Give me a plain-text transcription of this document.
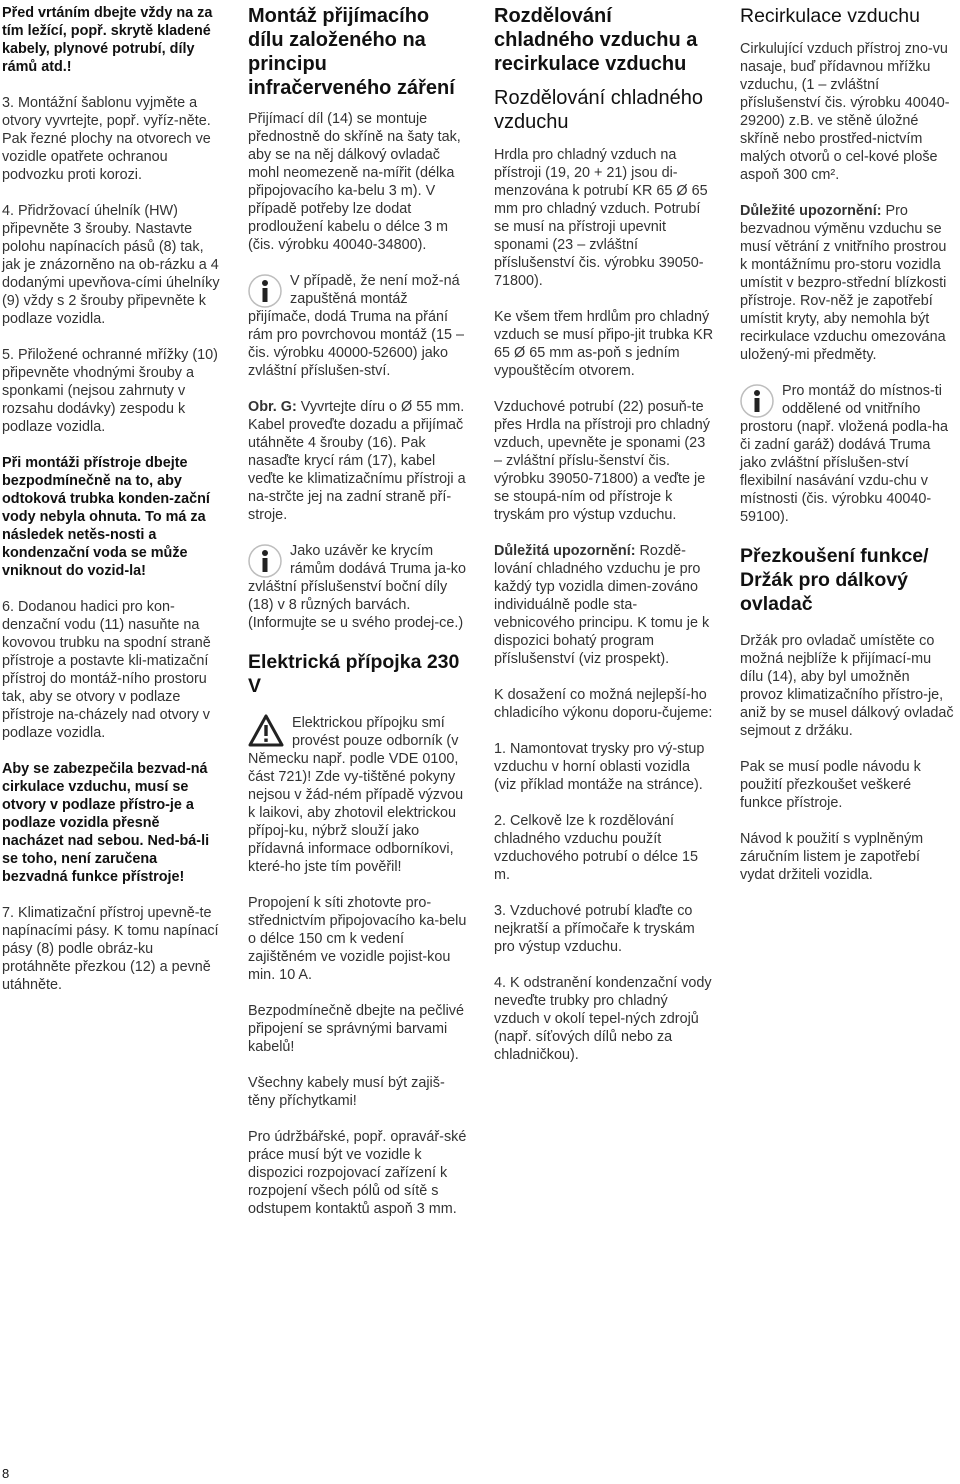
Před vrtáním dbejte vždy na za tím ležící, popř. skrytě kladené kabely, plynové potrubí, díly rámů atd.!

3. Montážní šablonu vyjměte a otvory vyvrtejte, popř. vyříz-něte. Pak řezné plochy na otvorech ve vozidle opatřete ochranou podvozku proti korozi.

4. Přidržovací úhelník (HW) připevněte 3 šrouby. Nastavte polohu napínacích pásů (8) tak, jak je znázorněno na ob-rázku a 4 dodanými upevňova-cími úhelníky (9) vždy s 2 šrouby připevněte k podlaze vozidla.

5. Přiložené ochranné mřížky (10) připevněte vhodnými šrouby a sponkami (nejsou zahrnuty v rozsahu dodávky) zespodu k podlaze vozidla.

Při montáži přístroje dbejte bezpodmínečně na to, aby odtoková trubka konden-zační vody nebyla ohnuta. To má za následek netěs-nosti a kondenzační voda se může vniknout do vozid-la!

6. Dodanou hadici pro kon-denzační vodu (11) nasuňte na kovovou trubku na spodní straně přístroje a postavte kli-matizační přístroj do montáž-ního prostoru tak, aby se otvory v podlaze přístroje na-cházely nad otvory v podlaze vozidla.

Aby se zabezpečila bezvad-ná cirkulace vzduchu, musí se otvory v podlaze přístro-je a podlaze vozidla přesně nacházet nad sebou. Ned-bá-li se toho, není zaručena bezvadná funkce přístroje!

7. Klimatizační přístroj upevně-te napínacími pásy. K tomu napínací pásy (8) podle obráz-ku protáhněte přezkou (12) a pevně utáhněte.

Montáž přijímacího dílu založeného na principu infračerveného záření

Přijímací díl (14) se montuje přednostně do skříně na šaty tak, aby se na něj dálkový ovladač mohl neomezeně na-mířit (délka připojovacího ka-belu 3 m). V případě potřeby lze dodat prodloužení kabelu o délce 3 m (čis. výrobku 40040-34800).

V případě, že není mož-ná zapuštěná montáž přijímače, dodá Truma na přání rám pro povrchovou montáž (15 – čis. výrobku 40000-52600) jako zvláštní příslušen-ství.

Obr. G: Vyvrtejte díru o Ø 55 mm. Kabel proveďte dozadu a přijímač utáhněte 4 šrouby (16). Pak nasaďte krycí rám (17), kabel veďte ke klimatizačnímu přístroji a na-strčte jej na zadní straně pří-stroje.

Jako uzávěr ke krycím rámům dodává Truma ja-ko zvláštní příslušenství boční díly (18) v 8 různých barvách. (Informujte se u svého prodej-ce.)

Elektrická přípojka 230 V

Elektrickou přípojku smí provést pouze odborník (v Německu např. podle VDE 0100, část 721)! Zde vy-tištěné pokyny nejsou v žád-ném případě výzvou k laikovi, aby zhotovil elektrickou přípoj-ku, nýbrž slouží jako přídavná informace odborníkovi, které-ho jste tím pověřil!

Propojení k síti zhotovte pro-střednictvím připojovacího ka-belu o délce 150 cm k vedení zajištěném ve vozidle pojist-kou min. 10 A.

Bezpodmínečně dbejte na pečlivé připojení se správnými barvami kabelů!

Všechny kabely musí být zajiš-těny příchytkami!

Pro údržbářské, popř. opravář-ské práce musí být ve vozidle k dispozici rozpojovací zařízení k rozpojení všech pólů od sítě s odstupem kontaktů aspoň 3 mm.

Rozdělování chladného vzduchu a recirkulace vzduchu
Rozdělování chladného vzduchu

Hrdla pro chladný vzduch na přístroji (19, 20 + 21) jsou di-menzována k potrubí KR 65 Ø 65 mm pro chladný vzduch. Potrubí se musí na přístroji upevnit sponami (23 – zvláštní příslušenství čis. výrobku 39050-71800).

Ke všem třem hrdlům pro chladný vzduch se musí připo-jit trubka KR 65 Ø 65 mm as-poň s jedním vypouštěcím otvorem.

Vzduchové potrubí (22) posuň-te přes Hrdla na přístroji pro chladný vzduch, upevněte je sponami (23 – zvláštní příslu-šenství čis. výrobku 39050-71800) a veďte je se stoupá-ním od přístroje k tryskám pro výstup vzduchu.

Důležitá upozornění: Rozdě-lování chladného vzduchu je pro každý typ vozidla dimen-zováno individuálně podle sta-vebnicového principu. K tomu je k dispozici bohatý program příslušenství (viz prospekt).

K dosažení co možná nejlepší-ho chladicího výkonu doporu-čujeme:

1. Namontovat trysky pro vý-stup vzduchu v horní oblasti vozidla (viz příklad montáže na stránce).

2. Celkově lze k rozdělování chladného vzduchu použít vzduchového potrubí o délce 15 m.

3. Vzduchové potrubí klaďte co nejkratší a přímočaře k tryskám pro výstup vzduchu.

4. K odstranění kondenzační vody neveďte trubky pro chladný vzduch v okolí tepel-ných zdrojů (např. síťových dílů nebo za chladničkou).

Recirkulace vzduchu

Cirkulující vzduch přístroj zno-vu nasaje, buď přídavnou mřížku vzduchu, (1 – zvláštní příslušenství čis. výrobku 40040-29200) z.B. ve stěně úložné skříně nebo prostřed-nictvím malých otvorů o cel-kové ploše aspoň 300 cm².

Důležité upozornění: Pro bezvadnou výměnu vzduchu se musí větrání z vnitřního prostrou k montážnímu pro-storu vozidla umístit v bezpro-střední blízkosti přístroje. Rov-něž je zapotřebí umístit kryty, aby nemohla být recirkulace vzduchu omezována uložený-mi předměty.

Pro montáž do místnos-ti oddělené od vnitřního prostoru (např. vložená podla-ha či zadní garáž) dodává Truma jako zvláštní příslušen-ství flexibilní nasávání vzdu-chu v místnosti (čis. výrobku 40040-59100).

Přezkoušení funkce/ Držák pro dálkový ovladač

Držák pro ovladač umístěte co možná nejblíže k přijímací-mu dílu (14), aby byl umožněn provoz klimatizačního přístro-je, aniž by se musel dálkový ovladač sejmout z držáku.

Pak se musí podle návodu k použití přezkoušet veškeré funkce přístroje.

Návod k použití s vyplněným záručním listem je zapotřebí vydat držiteli vozidla.

8
